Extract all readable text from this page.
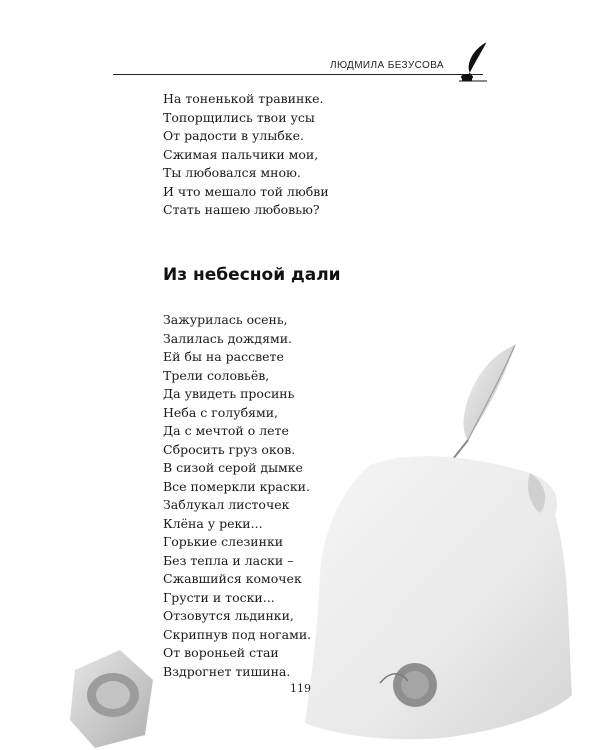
ЛЮДМИЛА БЕЗУСОВА
На тоненькой травинке.
Топорщились твои усы
От радости в улыбке.
Сжимая пальчики мои,
Ты любовался мною.
И что мешало той любви
Стать нашею любовью?
Из небесной дали
Зажурилась осень,
Залилась дождями.
Ей бы на рассвете
Трели соловьёв,
Да увидеть просинь
Неба с голубями,
Да с мечтой о лете
Сбросить груз оков.
В сизой серой дымке
Все померкли краски.
Заблукал листочек
Клёна у реки...
Горькие слезинки
Без тепла и ласки –
Сжавшийся комочек
Грусти и тоски...
Отзовутся льдинки,
Скрипнув под ногами.
От вороньей стаи
Вздрогнет тишина.
119
